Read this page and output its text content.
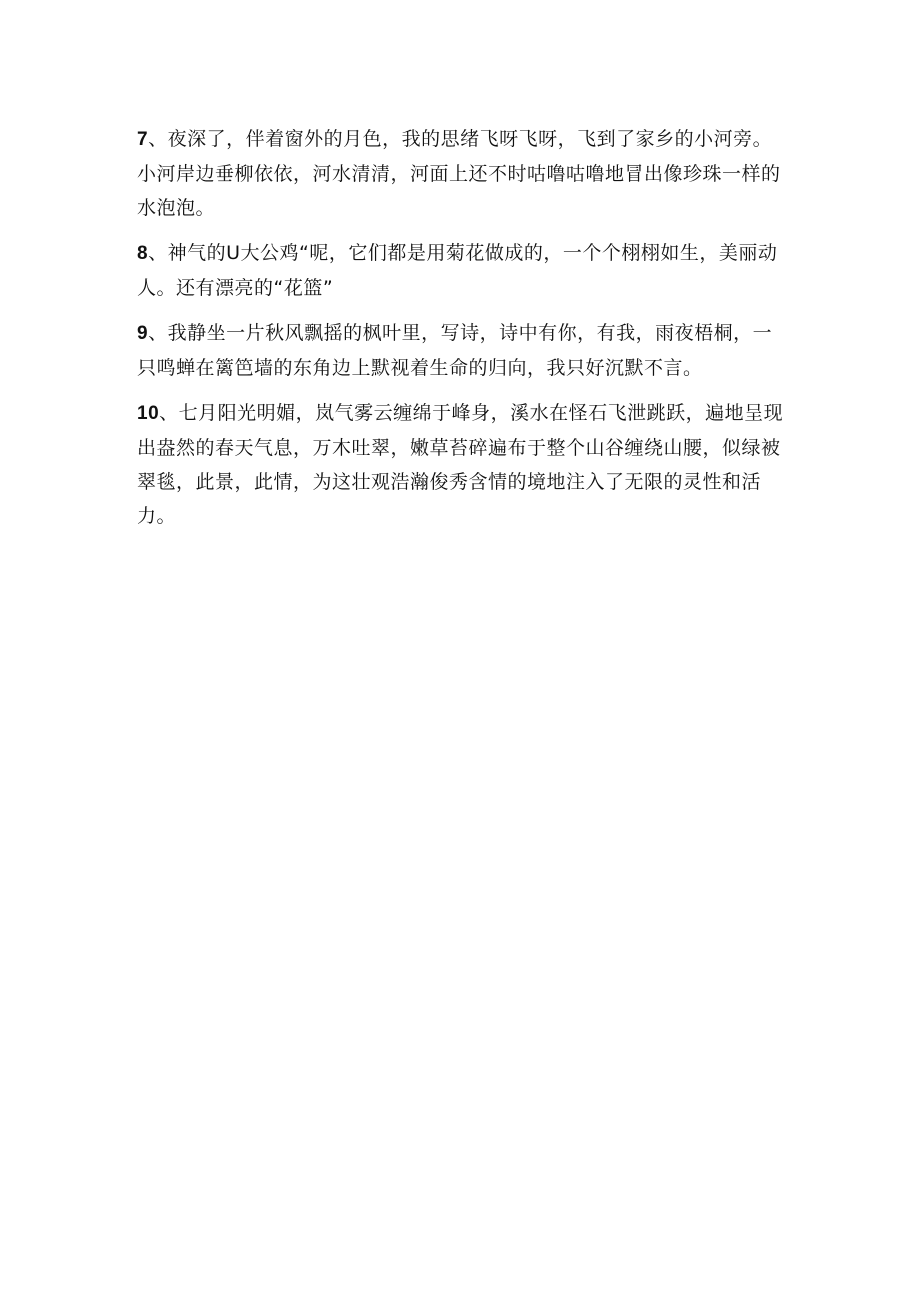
7、夜深了，伴着窗外的月色，我的思绪飞呀飞呀，飞到了家乡的小河旁。小河岸边垂柳依依，河水清清，河面上还不时咕噜咕噜地冒出像珍珠一样的水泡泡。

8、神气的U大公鸡“呢，它们都是用菊花做成的，一个个栩栩如生，美丽动人。还有漂亮的“花篮”

9、我静坐一片秋风飘摇的枫叶里，写诗，诗中有你，有我，雨夜梧桐，一只鸣蝉在篱笆墙的东角边上默视着生命的归向，我只好沉默不言。

10、七月阳光明媚，岚气雾云缠绵于峰身，溪水在怪石飞泄跳跃，遍地呈现出盎然的春天气息，万木吐翠，嫩草苔碎遍布于整个山谷缠绕山腰，似绿被翠毯，此景，此情，为这壮观浩瀚俊秀含情的境地注入了无限的灵性和活力。
